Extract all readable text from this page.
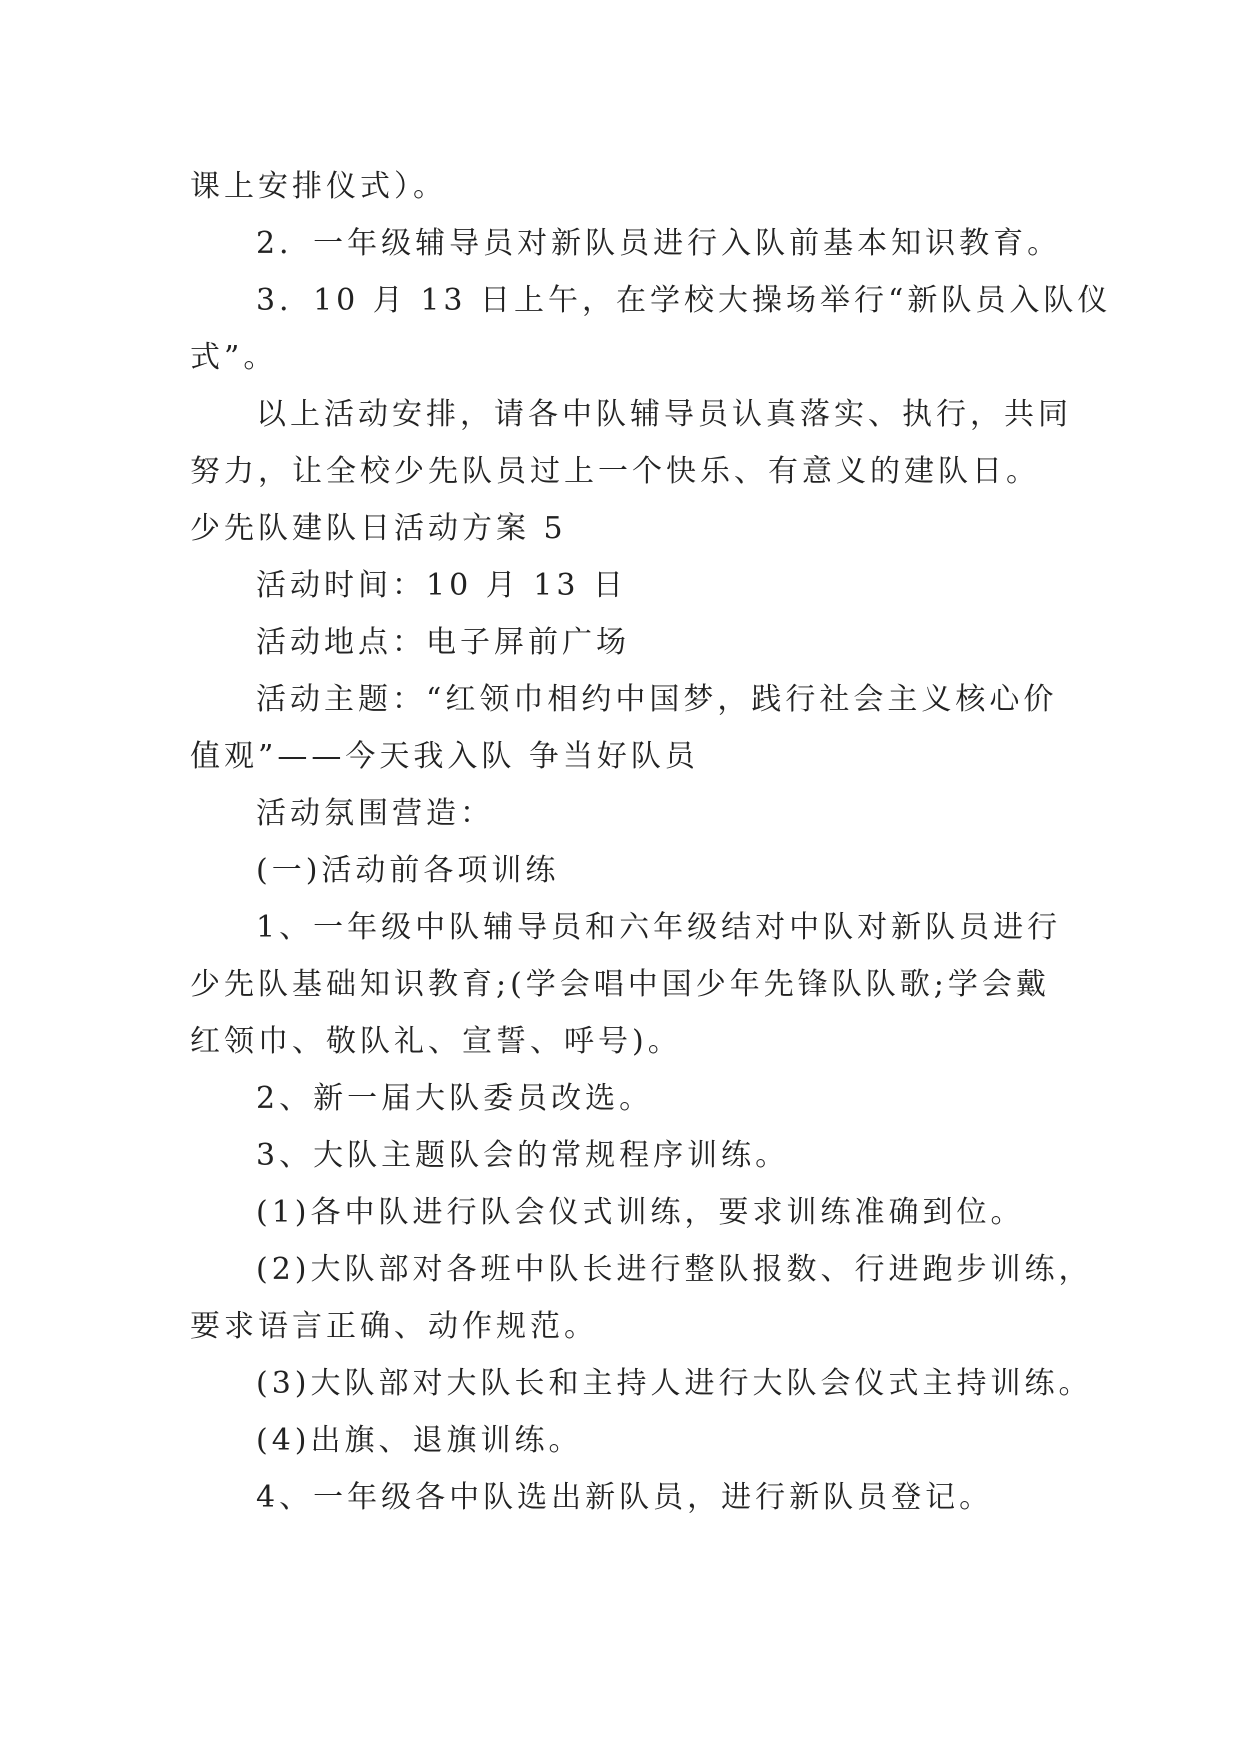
课上安排仪式）。
2．一年级辅导员对新队员进行入队前基本知识教育。
3．10 月 13 日上午，在学校大操场举行“新队员入队仪
式”。
以上活动安排，请各中队辅导员认真落实、执行，共同
努力，让全校少先队员过上一个快乐、有意义的建队日。
少先队建队日活动方案 5
活动时间：10 月 13 日
活动地点：电子屏前广场
活动主题：“红领巾相约中国梦，践行社会主义核心价
值观”——今天我入队 争当好队员
活动氛围营造：
(一)活动前各项训练
1、一年级中队辅导员和六年级结对中队对新队员进行
少先队基础知识教育;(学会唱中国少年先锋队队歌;学会戴
红领巾、敬队礼、宣誓、呼号)。
2、新一届大队委员改选。
3、大队主题队会的常规程序训练。
(1)各中队进行队会仪式训练，要求训练准确到位。
(2)大队部对各班中队长进行整队报数、行进跑步训练，
要求语言正确、动作规范。
(3)大队部对大队长和主持人进行大队会仪式主持训练。
(4)出旗、退旗训练。
4、一年级各中队选出新队员，进行新队员登记。
